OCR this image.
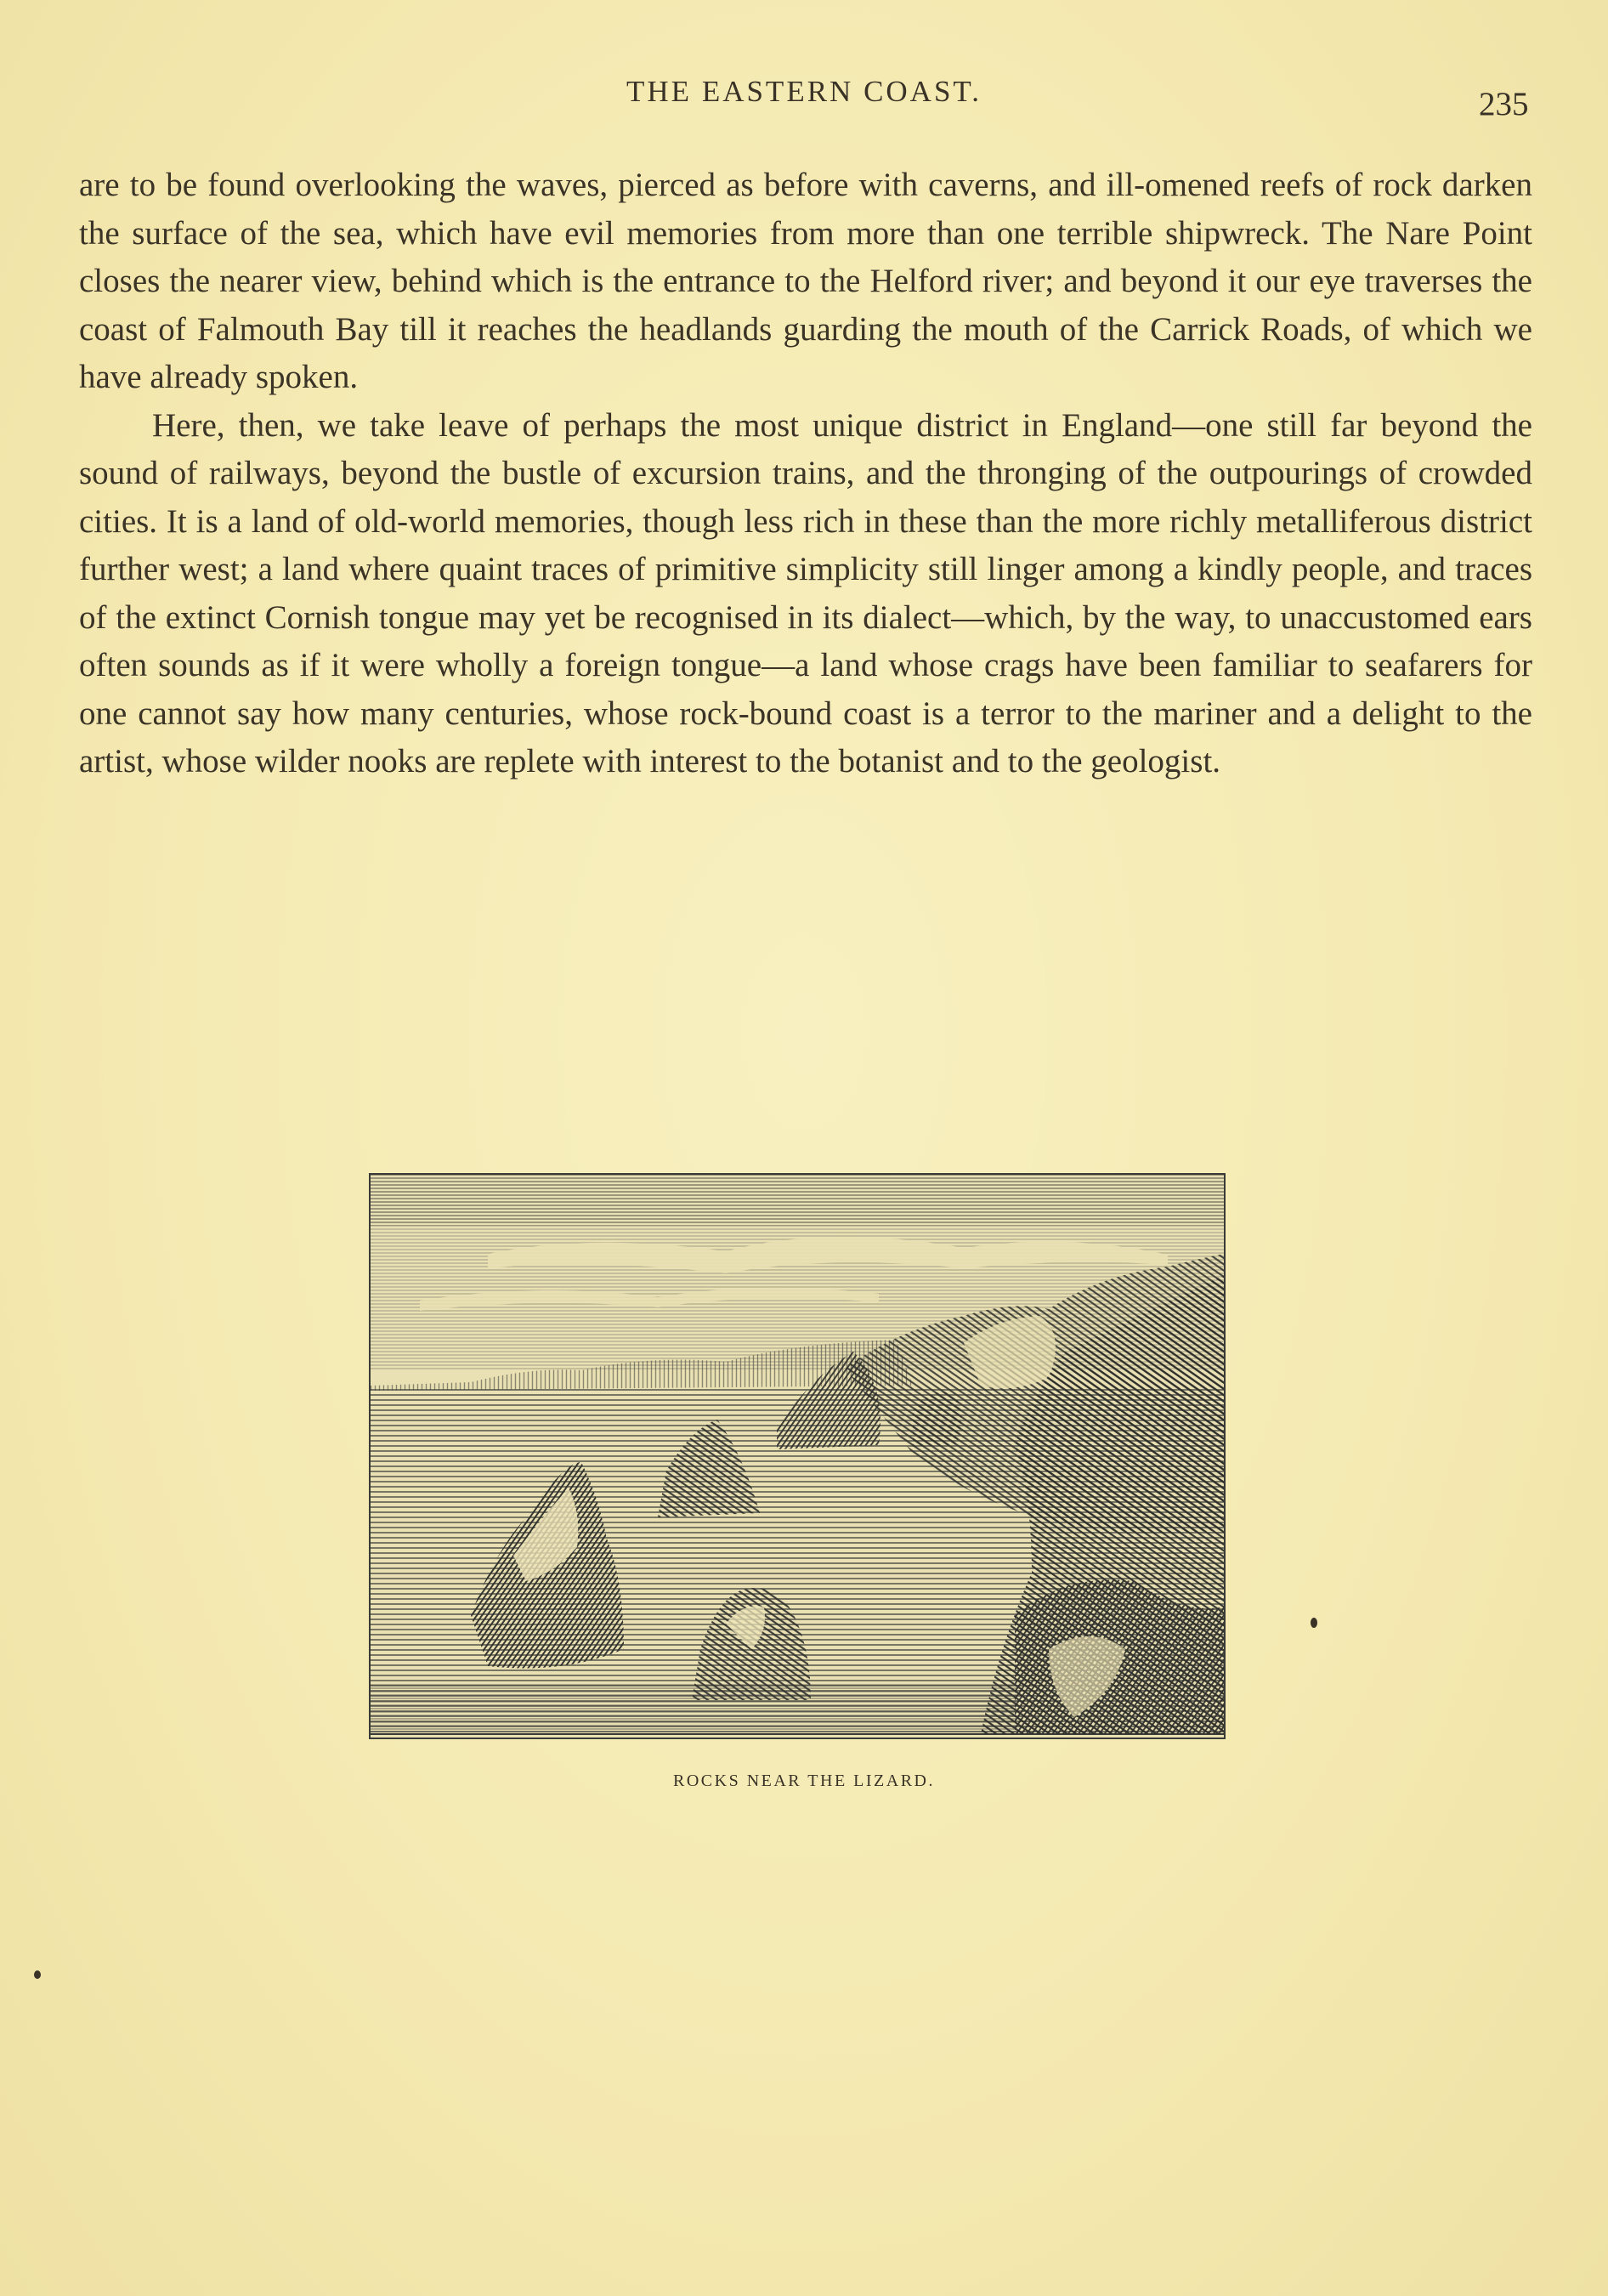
THE EASTERN COAST.	235

are to be found overlooking the waves, pierced as before with caverns, and ill-omened reefs of rock darken the surface of the sea, which have evil memories from more than one terrible shipwreck. The Nare Point closes the nearer view, behind which is the entrance to the Helford river; and beyond it our eye traverses the coast of Falmouth Bay till it reaches the headlands guarding the mouth of the Carrick Roads, of which we have already spoken.

Here, then, we take leave of perhaps the most unique district in England—one still far beyond the sound of railways, beyond the bustle of excursion trains, and the thronging of the outpourings of crowded cities. It is a land of old-world memories, though less rich in these than the more richly metalliferous district further west; a land where quaint traces of primitive simplicity still linger among a kindly people, and traces of the extinct Cornish tongue may yet be recognised in its dialect—which, by the way, to unaccustomed ears often sounds as if it were wholly a foreign tongue—a land whose crags have been familiar to seafarers for one cannot say how many centuries, whose rock-bound coast is a terror to the mariner and a delight to the artist, whose wilder nooks are replete with interest to the botanist and to the geologist.

ROCKS NEAR THE LIZARD.
